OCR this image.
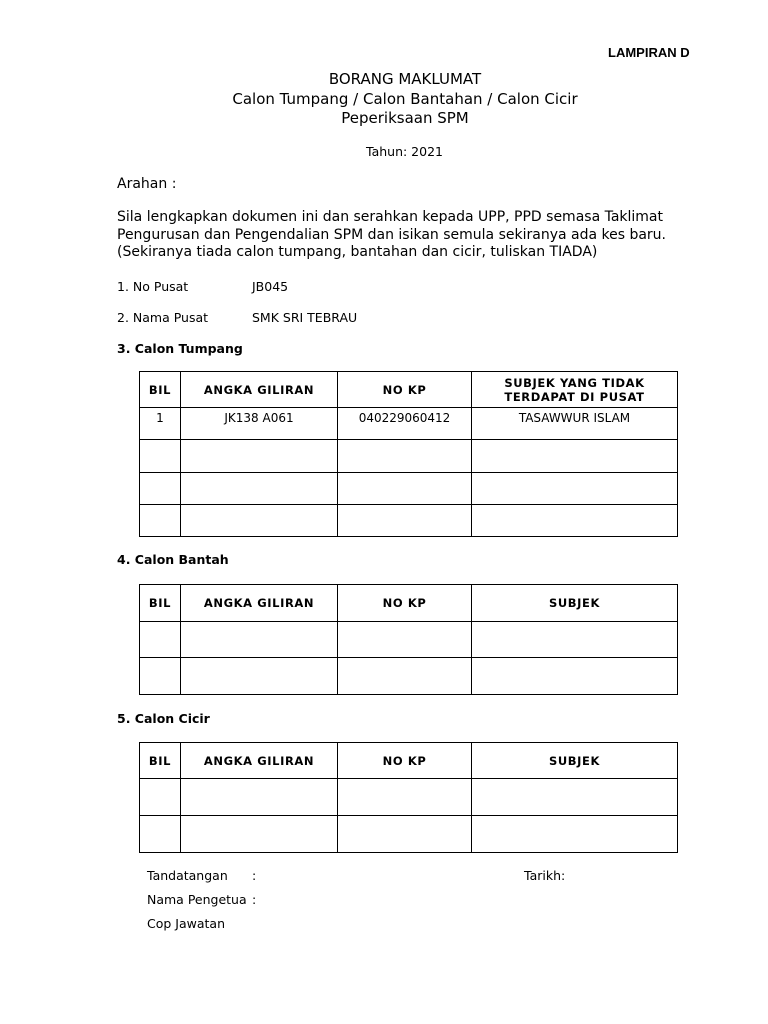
LAMPIRAN D
BORANG MAKLUMAT
Calon Tumpang / Calon Bantahan / Calon Cicir
Peperiksaan SPM
Tahun: 2021
Arahan :
Sila lengkapkan dokumen ini dan serahkan kepada UPP, PPD semasa Taklimat
Pengurusan dan Pengendalian SPM dan isikan semula sekiranya ada kes baru.
(Sekiranya tiada calon tumpang, bantahan dan cicir, tuliskan TIADA)
1. No Pusat	JB045
2. Nama Pusat	SMK SRI TEBRAU
3. Calon Tumpang
BIL	ANGKA GILIRAN	NO KP	SUBJEK YANG TIDAK
TERDAPAT DI PUSAT

1	JK138 A061	040229060412	TASAWWUR ISLAM

4. Calon Bantah
BIL	ANGKA GILIRAN	NO KP	SUBJEK

5. Calon Cicir
BIL	ANGKA GILIRAN	NO KP	SUBJEK

Tandatangan :
Nama Pengetua :
Cop Jawatan
Tarikh:
